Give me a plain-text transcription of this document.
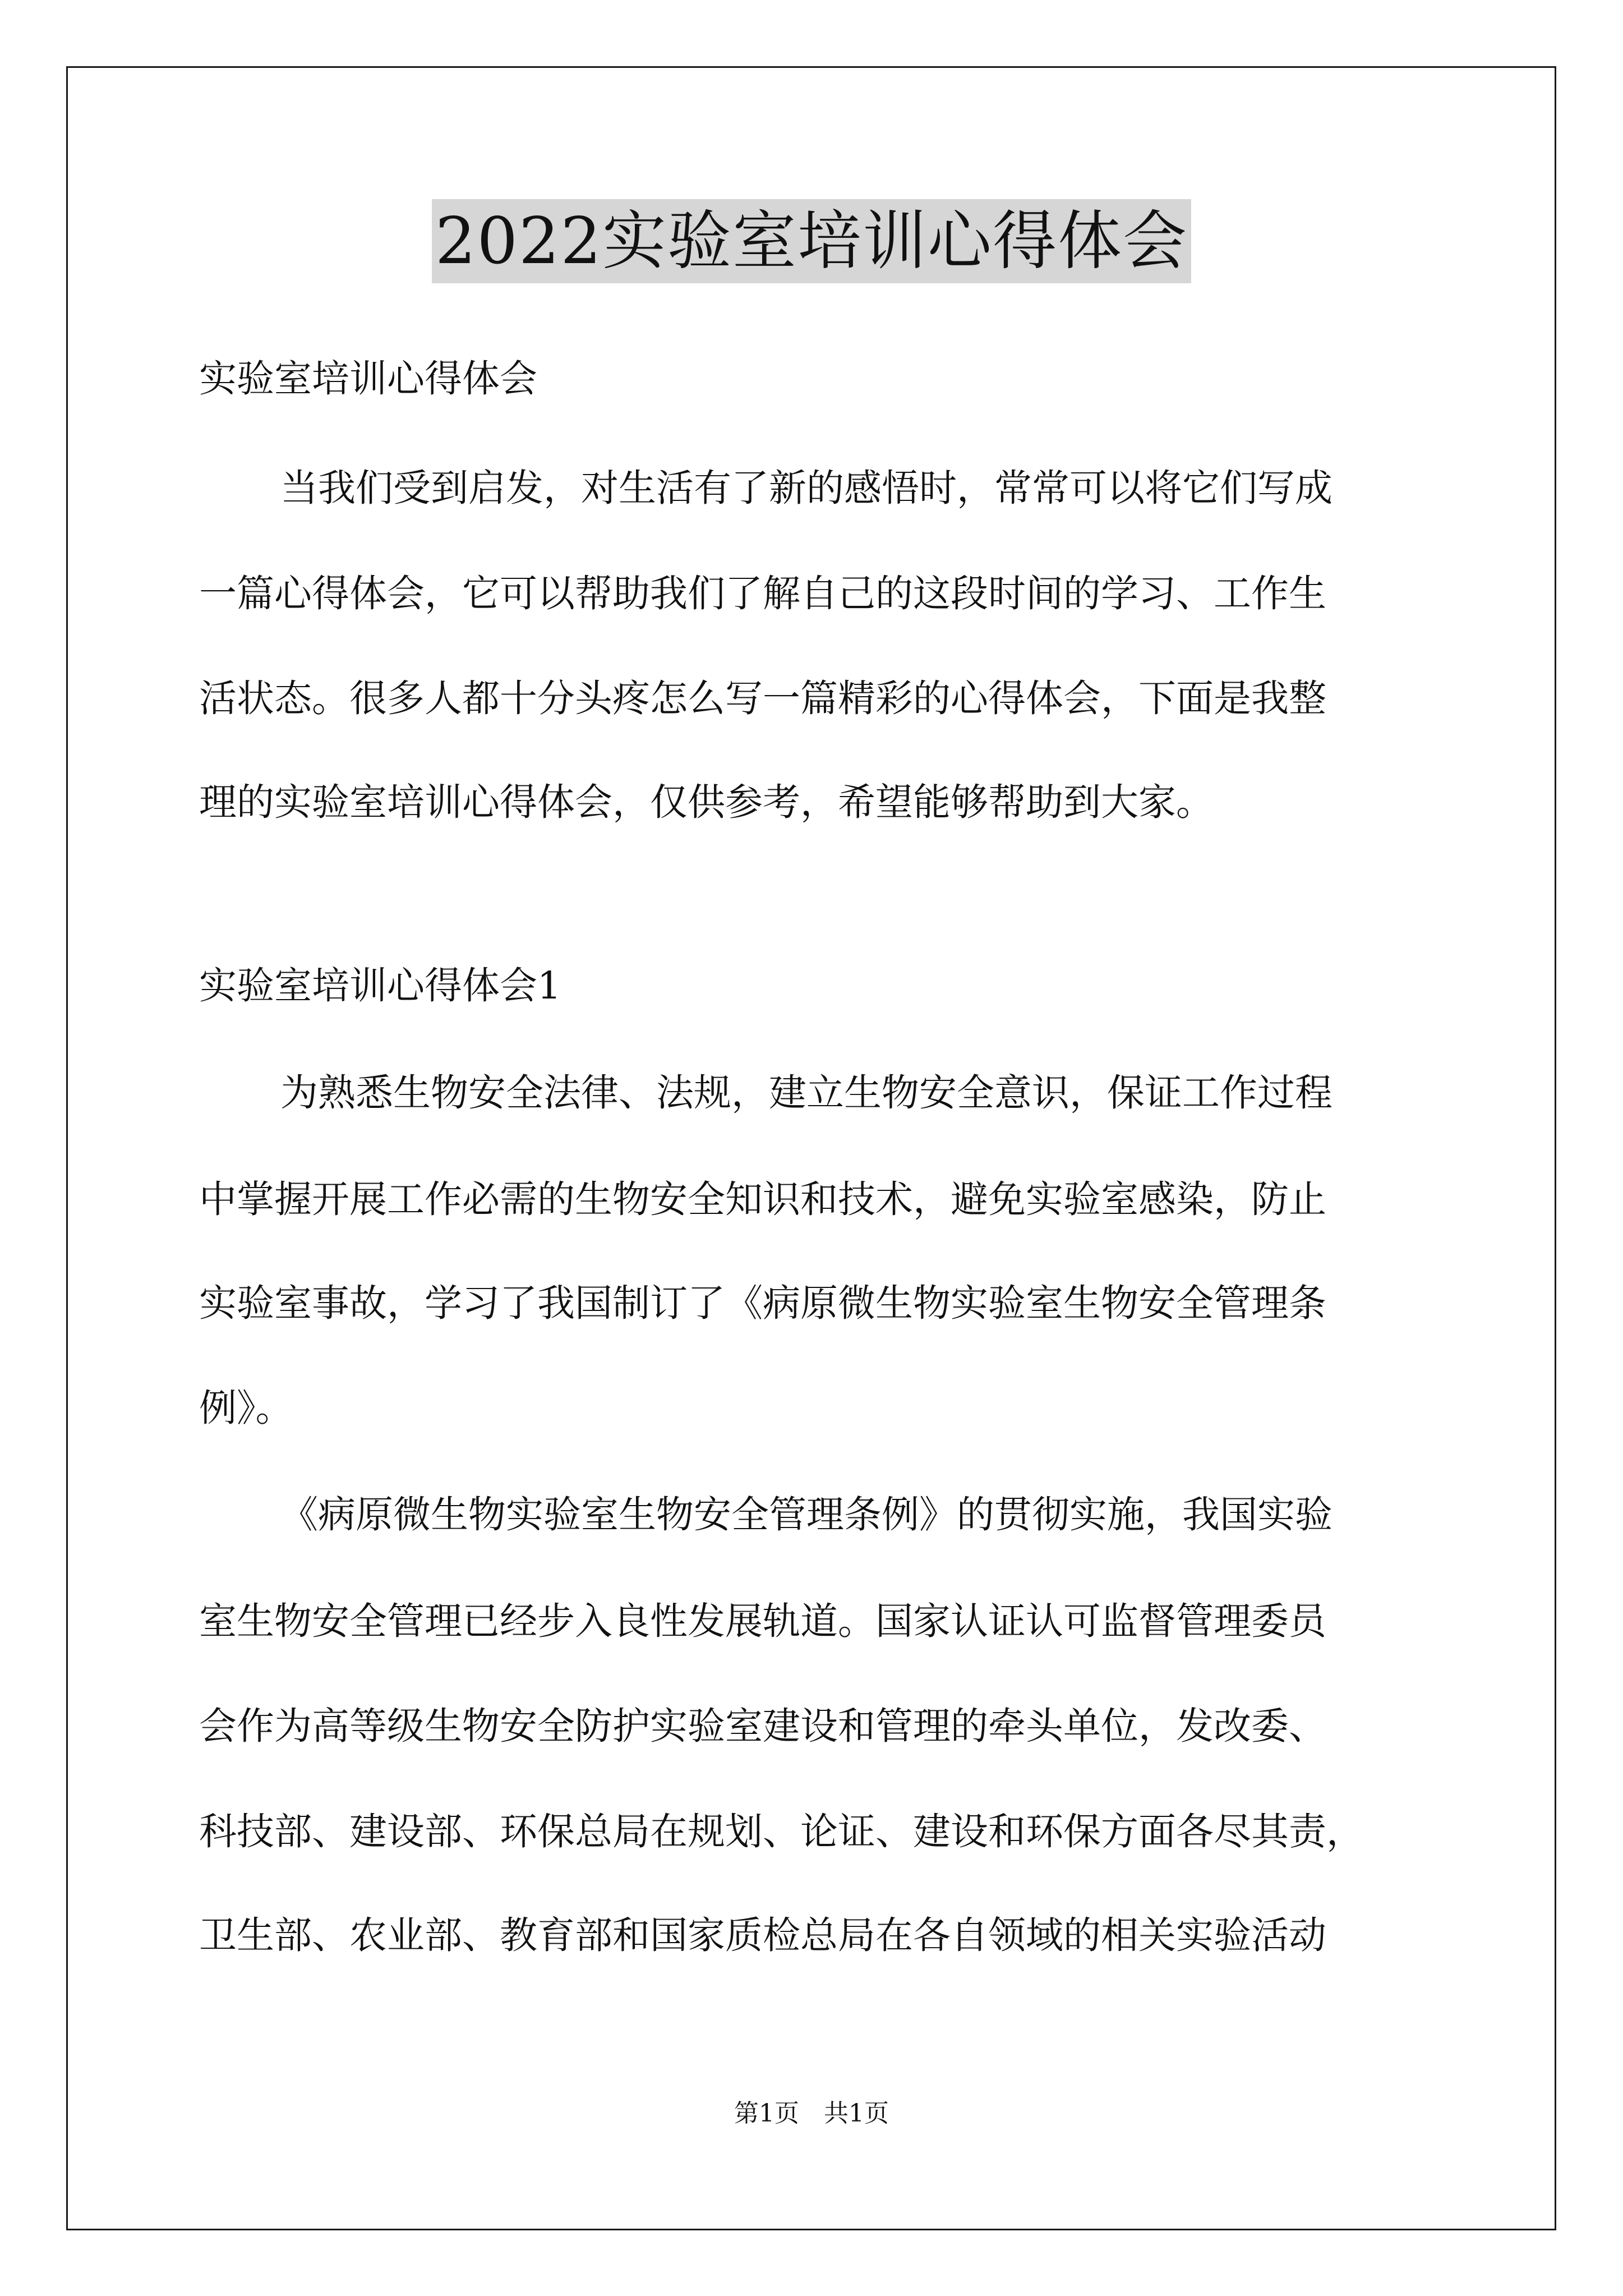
2022实验室培训心得体会
实验室培训心得体会
当我们受到启发，对生活有了新的感悟时，常常可以将它们写成
一篇心得体会，它可以帮助我们了解自己的这段时间的学习、工作生
活状态。很多人都十分头疼怎么写一篇精彩的心得体会，下面是我整
理的实验室培训心得体会，仅供参考，希望能够帮助到大家。
实验室培训心得体会1
为熟悉生物安全法律、法规，建立生物安全意识，保证工作过程
中掌握开展工作必需的生物安全知识和技术，避免实验室感染，防止
实验室事故，学习了我国制订了《病原微生物实验室生物安全管理条
例》。
《病原微生物实验室生物安全管理条例》的贯彻实施，我国实验
室生物安全管理已经步入良性发展轨道。国家认证认可监督管理委员
会作为高等级生物安全防护实验室建设和管理的牵头单位，发改委、
科技部、建设部、环保总局在规划、论证、建设和环保方面各尽其责，
卫生部、农业部、教育部和国家质检总局在各自领域的相关实验活动
第1页 共1页
